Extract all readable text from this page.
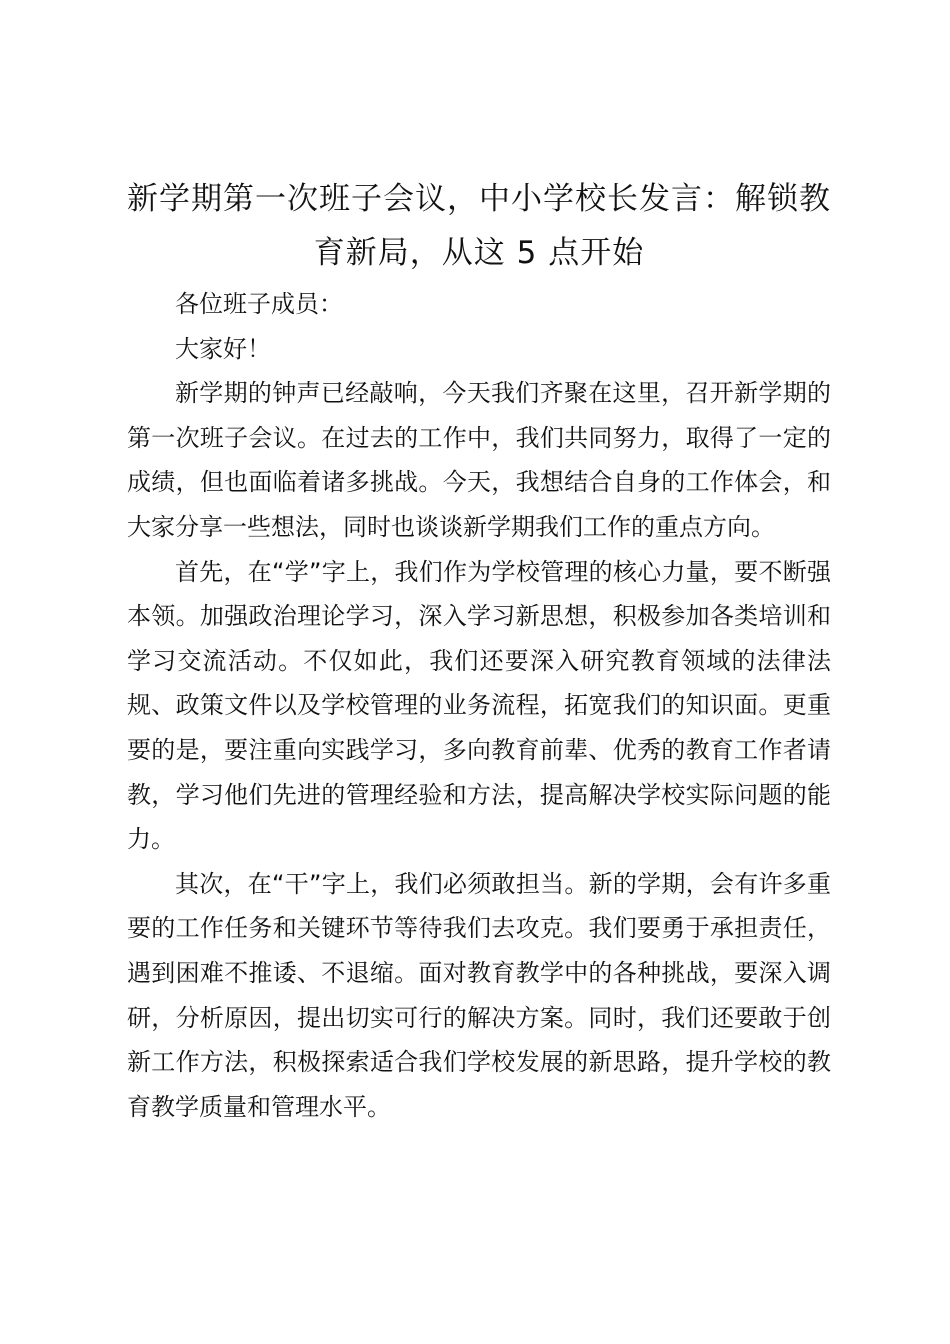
新学期第一次班子会议，中小学校长发言：解锁教育新局，从这 5 点开始

各位班子成员：

大家好！

新学期的钟声已经敲响，今天我们齐聚在这里，召开新学期的第一次班子会议。在过去的工作中，我们共同努力，取得了一定的成绩，但也面临着诸多挑战。今天，我想结合自身的工作体会，和大家分享一些想法，同时也谈谈新学期我们工作的重点方向。

首先，在“学”字上，我们作为学校管理的核心力量，要不断强本领。加强政治理论学习，深入学习新思想，积极参加各类培训和学习交流活动。不仅如此，我们还要深入研究教育领域的法律法规、政策文件以及学校管理的业务流程，拓宽我们的知识面。更重要的是，要注重向实践学习，多向教育前辈、优秀的教育工作者请教，学习他们先进的管理经验和方法，提高解决学校实际问题的能力。

其次，在“干”字上，我们必须敢担当。新的学期，会有许多重要的工作任务和关键环节等待我们去攻克。我们要勇于承担责任，遇到困难不推诿、不退缩。面对教育教学中的各种挑战，要深入调研，分析原因，提出切实可行的解决方案。同时，我们还要敢于创新工作方法，积极探索适合我们学校发展的新思路，提升学校的教育教学质量和管理水平。
